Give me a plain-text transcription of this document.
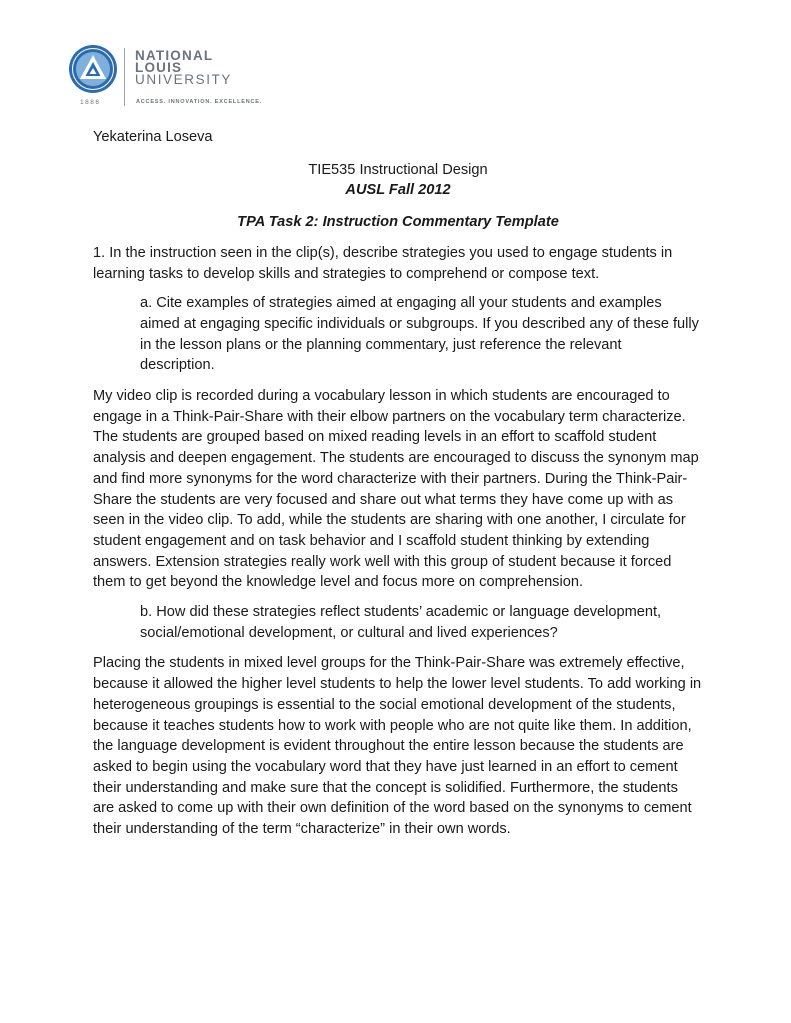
1886
NATIONAL
LOUIS
UNIVERSITY
ACCESS. INNOVATION. EXCELLENCE.

Yekaterina Loseva

TIE535 Instructional Design

AUSL Fall 2012

TPA Task 2: Instruction Commentary Template

1. In the instruction seen in the clip(s), describe strategies you used to engage students in learning tasks to develop skills and strategies to comprehend or compose text.

a. Cite examples of strategies aimed at engaging all your students and examples aimed at engaging specific individuals or subgroups. If you described any of these fully in the lesson plans or the planning commentary, just reference the relevant description.

My video clip is recorded during a vocabulary lesson in which students are encouraged to engage in a Think-Pair-Share with their elbow partners on the vocabulary term characterize. The students are grouped based on mixed reading levels in an effort to scaffold student analysis and deepen engagement. The students are encouraged to discuss the synonym map and find more synonyms for the word characterize with their partners. During the Think-Pair-Share the students are very focused and share out what terms they have come up with as seen in the video clip. To add, while the students are sharing with one another, I circulate for student engagement and on task behavior and I scaffold student thinking by extending answers. Extension strategies really work well with this group of student because it forced them to get beyond the knowledge level and focus more on comprehension.

b. How did these strategies reflect students’ academic or language development, social/emotional development, or cultural and lived experiences?

Placing the students in mixed level groups for the Think-Pair-Share was extremely effective, because it allowed the higher level students to help the lower level students. To add working in heterogeneous groupings is essential to the social emotional development of the students, because it teaches students how to work with people who are not quite like them. In addition, the language development is evident throughout the entire lesson because the students are asked to begin using the vocabulary word that they have just learned in an effort to cement their understanding and make sure that the concept is solidified. Furthermore, the students are asked to come up with their own definition of the word based on the synonyms to cement their understanding of the term “characterize” in their own words.
